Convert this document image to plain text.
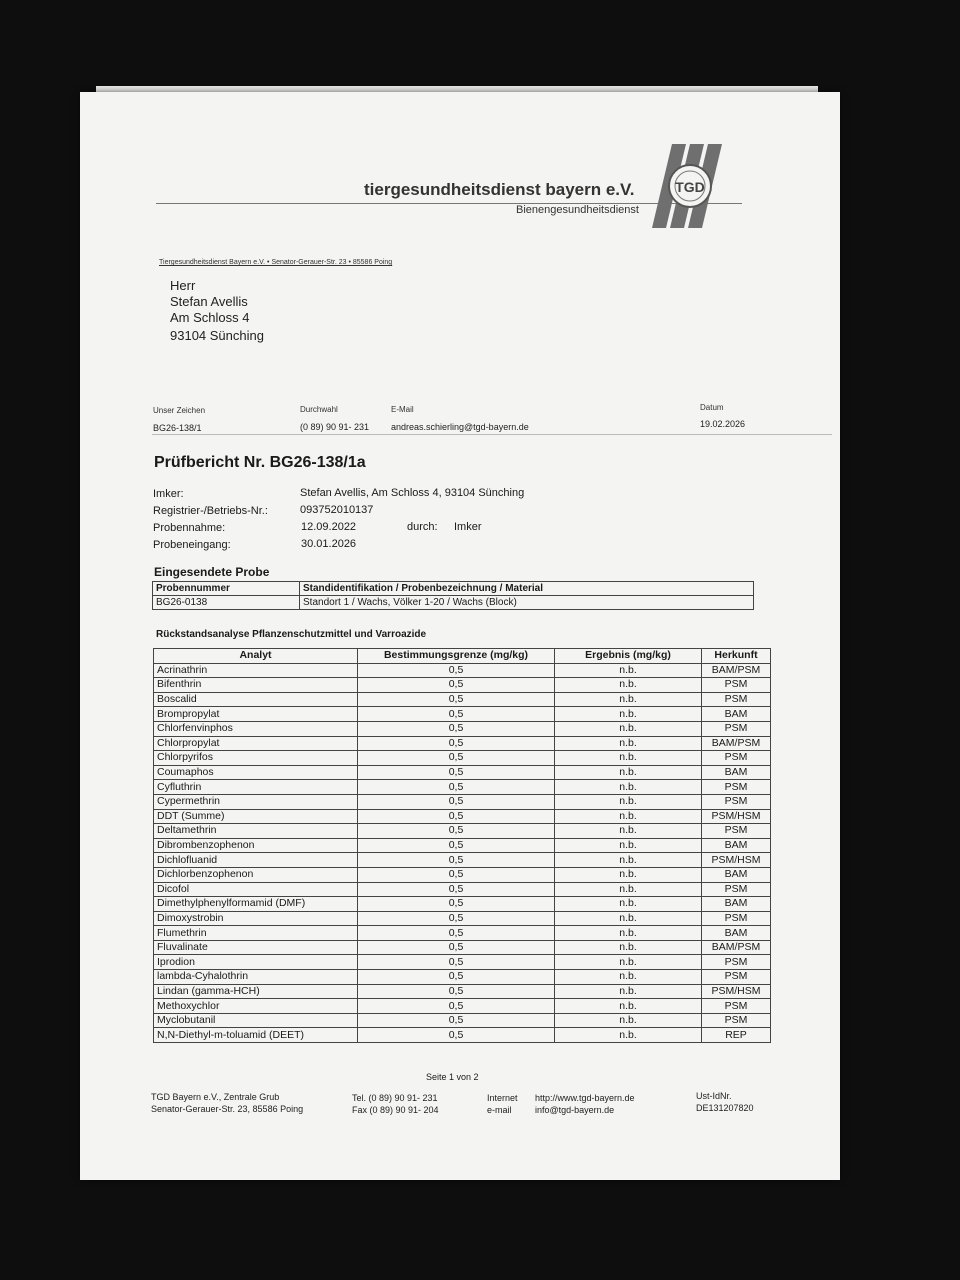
tiergesundheitsdienst bayern e.V.
Bienengesundheitsdienst
TGD
Tiergesundheitsdienst Bayern e.V. • Senator-Gerauer-Str. 23 • 85586 Poing
Herr
Stefan Avellis
Am Schloss 4
93104 Sünching
Unser Zeichen
BG26-138/1
Durchwahl
(0 89) 90 91- 231
E-Mail
andreas.schierling@tgd-bayern.de
Datum
19.02.2026
Prüfbericht Nr. BG26-138/1a
Imker:	Stefan Avellis, Am Schloss 4, 93104 Sünching
Registrier-/Betriebs-Nr.:	093752010137
Probennahme:	12.09.2022	durch: Imker
Probeneingang:	30.01.2026
Eingesendete Probe
Probennummer	Standidentifikation / Probenbezeichnung / Material
BG26-0138	Standort 1 / Wachs, Völker 1-20 / Wachs (Block)
Rückstandsanalyse Pflanzenschutzmittel und Varroazide
Analyt	Bestimmungsgrenze (mg/kg)	Ergebnis (mg/kg)	Herkunft
Acrinathrin	0,5	n.b.	BAM/PSM
Bifenthrin	0,5	n.b.	PSM
Boscalid	0,5	n.b.	PSM
Brompropylat	0,5	n.b.	BAM
Chlorfenvinphos	0,5	n.b.	PSM
Chlorpropylat	0,5	n.b.	BAM/PSM
Chlorpyrifos	0,5	n.b.	PSM
Coumaphos	0,5	n.b.	BAM
Cyfluthrin	0,5	n.b.	PSM
Cypermethrin	0,5	n.b.	PSM
DDT (Summe)	0,5	n.b.	PSM/HSM
Deltamethrin	0,5	n.b.	PSM
Dibrombenzophenon	0,5	n.b.	BAM
Dichlofluanid	0,5	n.b.	PSM/HSM
Dichlorbenzophenon	0,5	n.b.	BAM
Dicofol	0,5	n.b.	PSM
Dimethylphenylformamid (DMF)	0,5	n.b.	BAM
Dimoxystrobin	0,5	n.b.	PSM
Flumethrin	0,5	n.b.	BAM
Fluvalinate	0,5	n.b.	BAM/PSM
Iprodion	0,5	n.b.	PSM
lambda-Cyhalothrin	0,5	n.b.	PSM
Lindan (gamma-HCH)	0,5	n.b.	PSM/HSM
Methoxychlor	0,5	n.b.	PSM
Myclobutanil	0,5	n.b.	PSM
N,N-Diethyl-m-toluamid (DEET)	0,5	n.b.	REP
Seite 1 von 2
TGD Bayern e.V., Zentrale Grub
Senator-Gerauer-Str. 23, 85586 Poing
Tel. (0 89) 90 91- 231
Fax (0 89) 90 91- 204
Internet
e-mail
http://www.tgd-bayern.de
info@tgd-bayern.de
Ust-IdNr.
DE131207820
